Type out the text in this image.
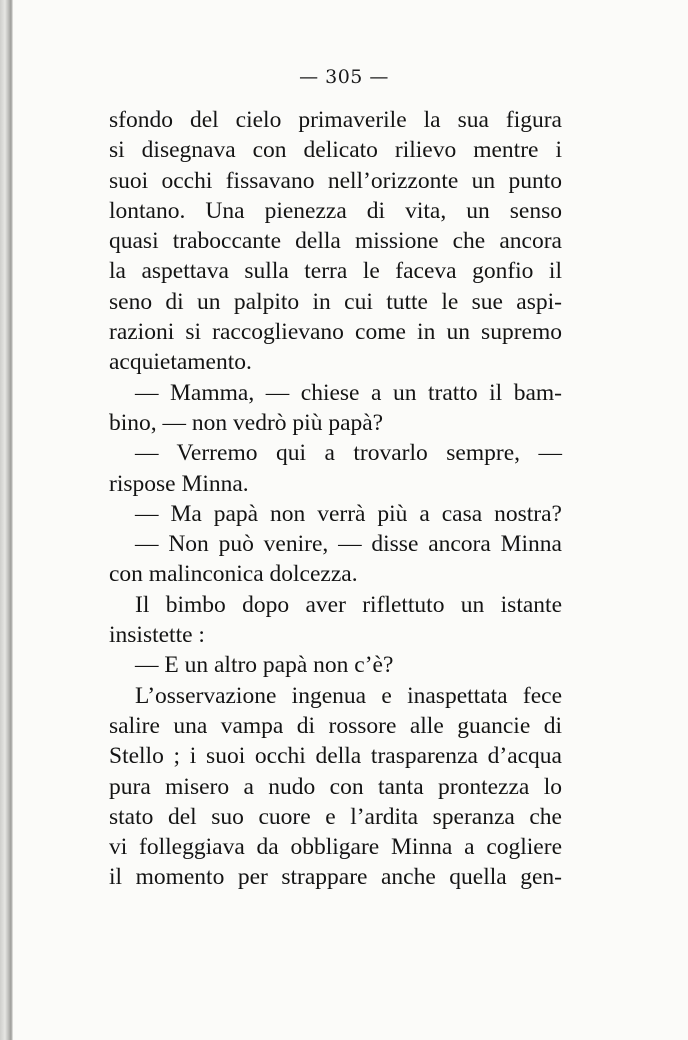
— 305 —
sfondo del cielo primaverile la sua figura
si disegnava con delicato rilievo mentre i
suoi occhi fissavano nell’orizzonte un punto
lontano. Una pienezza di vita, un senso
quasi traboccante della missione che ancora
la aspettava sulla terra le faceva gonfio il
seno di un palpito in cui tutte le sue aspi-
razioni si raccoglievano come in un supremo
acquietamento.
— Mamma, — chiese a un tratto il bam-
bino, — non vedrò più papà?
— Verremo qui a trovarlo sempre, —
rispose Minna.
— Ma papà non verrà più a casa nostra?
— Non può venire, — disse ancora Minna
con malinconica dolcezza.
Il bimbo dopo aver riflettuto un istante
insistette :
— E un altro papà non c’è?
L’osservazione ingenua e inaspettata fece
salire una vampa di rossore alle guancie di
Stello ; i suoi occhi della trasparenza d’acqua
pura misero a nudo con tanta prontezza lo
stato del suo cuore e l’ardita speranza che
vi folleggiava da obbligare Minna a cogliere
il momento per strappare anche quella gen-
